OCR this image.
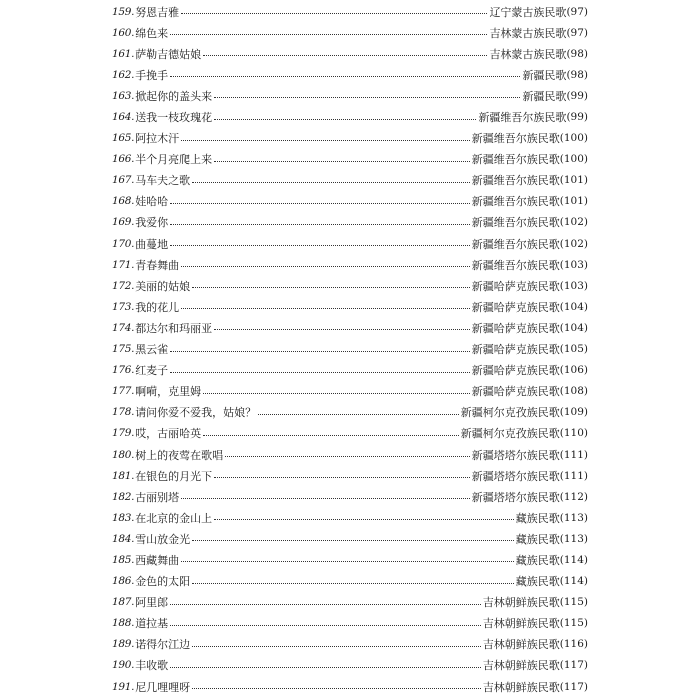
159. 努恩吉雅	辽宁蒙古族民歌 (97)
160. 绵色来	吉林蒙古族民歌 (97)
161. 萨勒吉德姑娘	吉林蒙古族民歌 (98)
162. 手挽手	新疆民歌 (98)
163. 掀起你的盖头来	新疆民歌 (99)
164. 送我一枝玫瑰花	新疆维吾尔族民歌 (99)
165. 阿拉木汗	新疆维吾尔族民歌 (100)
166. 半个月亮爬上来	新疆维吾尔族民歌 (100)
167. 马车夫之歌	新疆维吾尔族民歌 (101)
168. 娃哈哈	新疆维吾尔族民歌 (101)
169. 我爱你	新疆维吾尔族民歌 (102)
170. 曲蔓地	新疆维吾尔族民歌 (102)
171. 青春舞曲	新疆维吾尔族民歌 (103)
172. 美丽的姑娘	新疆哈萨克族民歌 (103)
173. 我的花儿	新疆哈萨克族民歌 (104)
174. 都达尔和玛丽亚	新疆哈萨克族民歌 (104)
175. 黑云雀	新疆哈萨克族民歌 (105)
176. 红麦子	新疆哈萨克族民歌 (106)
177. 啊嗬，克里姆	新疆哈萨克族民歌 (108)
178. 请问你爱不爱我，姑娘？	新疆柯尔克孜族民歌 (109)
179. 哎，古丽哈英	新疆柯尔克孜族民歌 (110)
180. 树上的夜莺在歌唱	新疆塔塔尔族民歌 (111)
181. 在银色的月光下	新疆塔塔尔族民歌 (111)
182. 古丽别塔	新疆塔塔尔族民歌 (112)
183. 在北京的金山上	藏族民歌 (113)
184. 雪山放金光	藏族民歌 (113)
185. 西藏舞曲	藏族民歌 (114)
186. 金色的太阳	藏族民歌 (114)
187. 阿里郎	吉林朝鲜族民歌 (115)
188. 道拉基	吉林朝鲜族民歌 (115)
189. 诺得尔江边	吉林朝鲜族民歌 (116)
190. 丰收歌	吉林朝鲜族民歌 (117)
191. 尼几哩哩呀	吉林朝鲜族民歌 (117)
